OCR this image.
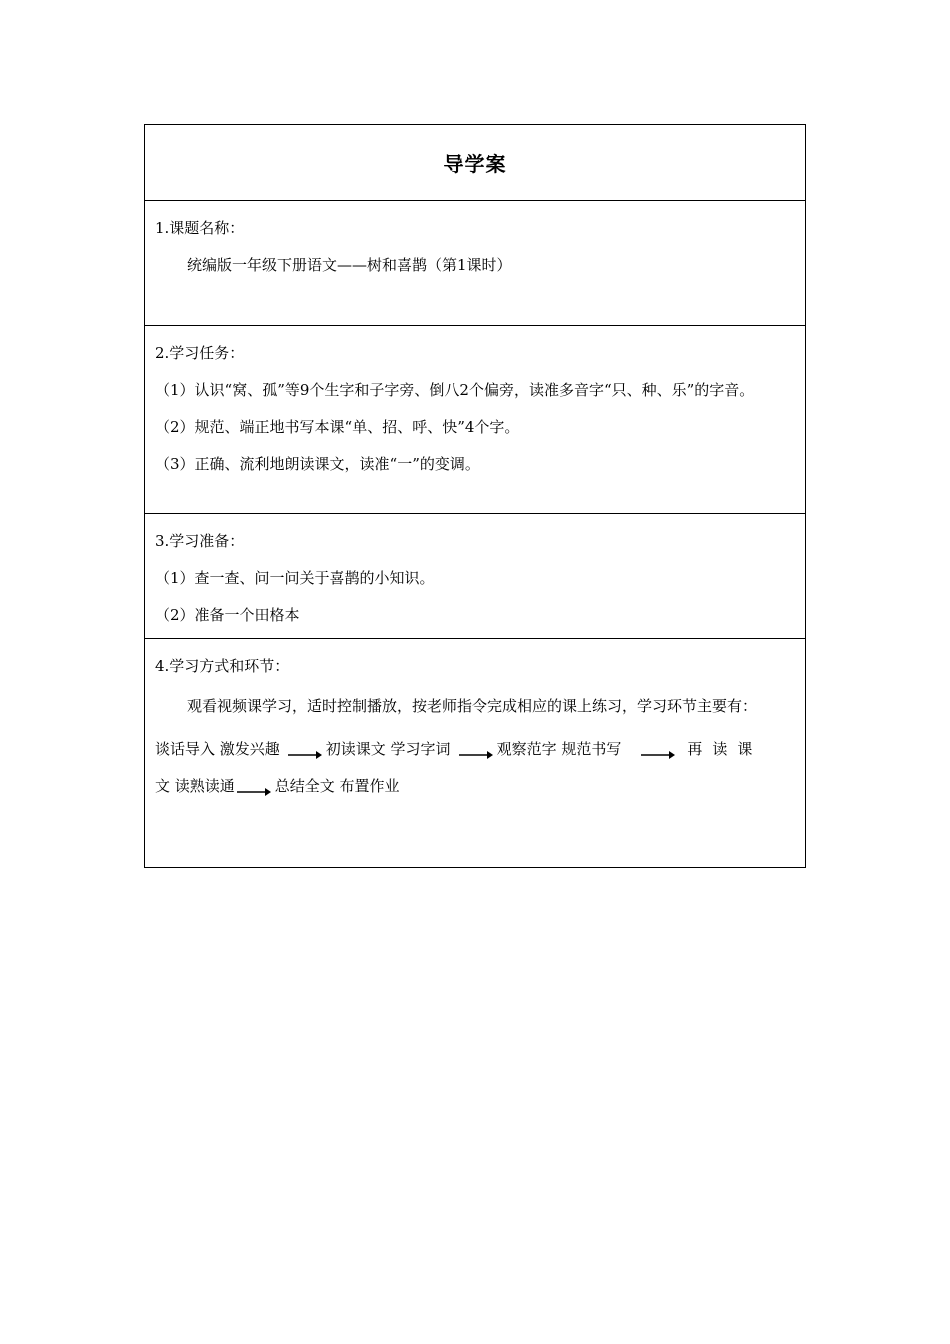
导学案
1.课题名称：
统编版一年级下册语文——树和喜鹊（第1课时）
2.学习任务：
（1）认识“窝、孤”等9个生字和子字旁、倒八2个偏旁，读准多音字“只、种、乐”的字音。
（2）规范、端正地书写本课“单、招、呼、快”4个字。
（3）正确、流利地朗读课文，读准“一”的变调。
3.学习准备：
（1）查一查、问一问关于喜鹊的小知识。
（2）准备一个田格本
4.学习方式和环节：
观看视频课学习，适时控制播放，按老师指令完成相应的课上练习，学习环节主要有：
谈话导入 激发兴趣	初读课文 学习字词	观察范字 规范书写	再读课
文 读熟读通	总结全文 布置作业
